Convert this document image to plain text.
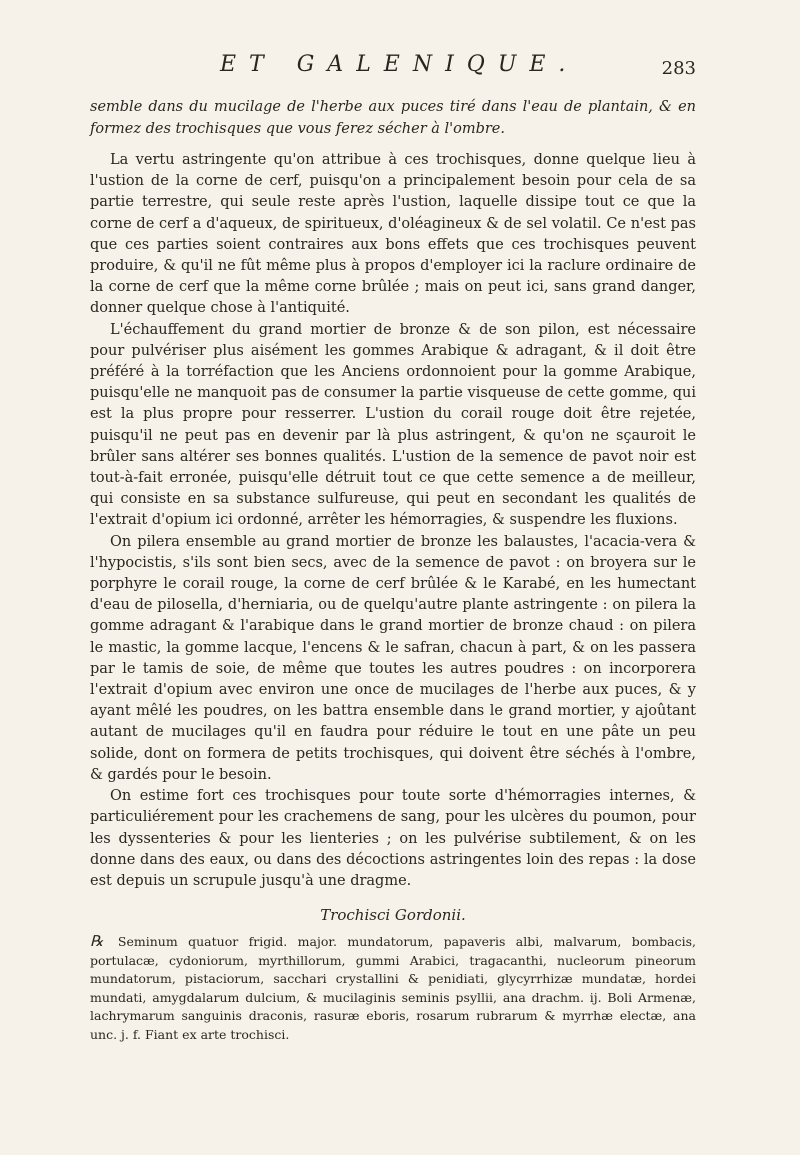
ET GALENIQUE.	283

semble dans du mucilage de l'herbe aux puces tiré dans l'eau de plantain, & en formez des trochisques que vous ferez sécher à l'ombre.

La vertu astringente qu'on attribue à ces trochisques, donne quelque lieu à l'ustion de la corne de cerf, puisqu'on a principalement besoin pour cela de sa partie terrestre, qui seule reste après l'ustion, laquelle dissipe tout ce que la corne de cerf a d'aqueux, de spiritueux, d'oléagineux & de sel volatil. Ce n'est pas que ces parties soient contraires aux bons effets que ces trochisques peuvent produire, & qu'il ne fût même plus à propos d'employer ici la raclure ordinaire de la corne de cerf que la même corne brûlée ; mais on peut ici, sans grand danger, donner quelque chose à l'antiquité.

L'échauffement du grand mortier de bronze & de son pilon, est nécessaire pour pulvériser plus aisément les gommes Arabique & adragant, & il doit être préféré à la torréfaction que les Anciens ordonnoient pour la gomme Arabique, puisqu'elle ne manquoit pas de consumer la partie visqueuse de cette gomme, qui est la plus propre pour resserrer. L'ustion du corail rouge doit être rejetée, puisqu'il ne peut pas en devenir par là plus astringent, & qu'on ne sçauroit le brûler sans altérer ses bonnes qualités. L'ustion de la semence de pavot noir est tout-à-fait erronée, puisqu'elle détruit tout ce que cette semence a de meilleur, qui consiste en sa substance sulfureuse, qui peut en secondant les qualités de l'extrait d'opium ici ordonné, arrêter les hémorragies, & suspendre les fluxions.

On pilera ensemble au grand mortier de bronze les balaustes, l'acacia-vera & l'hypocistis, s'ils sont bien secs, avec de la semence de pavot : on broyera sur le porphyre le corail rouge, la corne de cerf brûlée & le Karabé, en les humectant d'eau de pilosella, d'herniaria, ou de quelqu'autre plante astringente : on pilera la gomme adragant & l'arabique dans le grand mortier de bronze chaud : on pilera le mastic, la gomme lacque, l'encens & le safran, chacun à part, & on les passera par le tamis de soie, de même que toutes les autres poudres : on incorporera l'extrait d'opium avec environ une once de mucilages de l'herbe aux puces, & y ayant mêlé les poudres, on les battra ensemble dans le grand mortier, y ajoûtant autant de mucilages qu'il en faudra pour réduire le tout en une pâte un peu solide, dont on formera de petits trochisques, qui doivent être séchés à l'ombre, & gardés pour le besoin.

On estime fort ces trochisques pour toute sorte d'hémorragies internes, & particuliérement pour les crachemens de sang, pour les ulcères du poumon, pour les dyssenteries & pour les lienteries ; on les pulvérise subtilement, & on les donne dans des eaux, ou dans des décoctions astringentes loin des repas : la dose est depuis un scrupule jusqu'à une dragme.

Trochisci Gordonii.

℞ Seminum quatuor frigid. major. mundatorum, papaveris albi, malvarum, bombacis, portulacæ, cydoniorum, myrthillorum, gummi Arabici, tragacanthi, nucleorum pineorum mundatorum, pistaciorum, sacchari crystallini & penidiati, glycyrrhizæ mundatæ, hordei mundati, amygdalarum dulcium, & mucilaginis seminis psyllii, ana drachm. ij. Boli Armenæ, lachrymarum sanguinis draconis, rasuræ eboris, rosarum rubrarum & myrrhæ electæ, ana unc. j. f. Fiant ex arte trochisci.
